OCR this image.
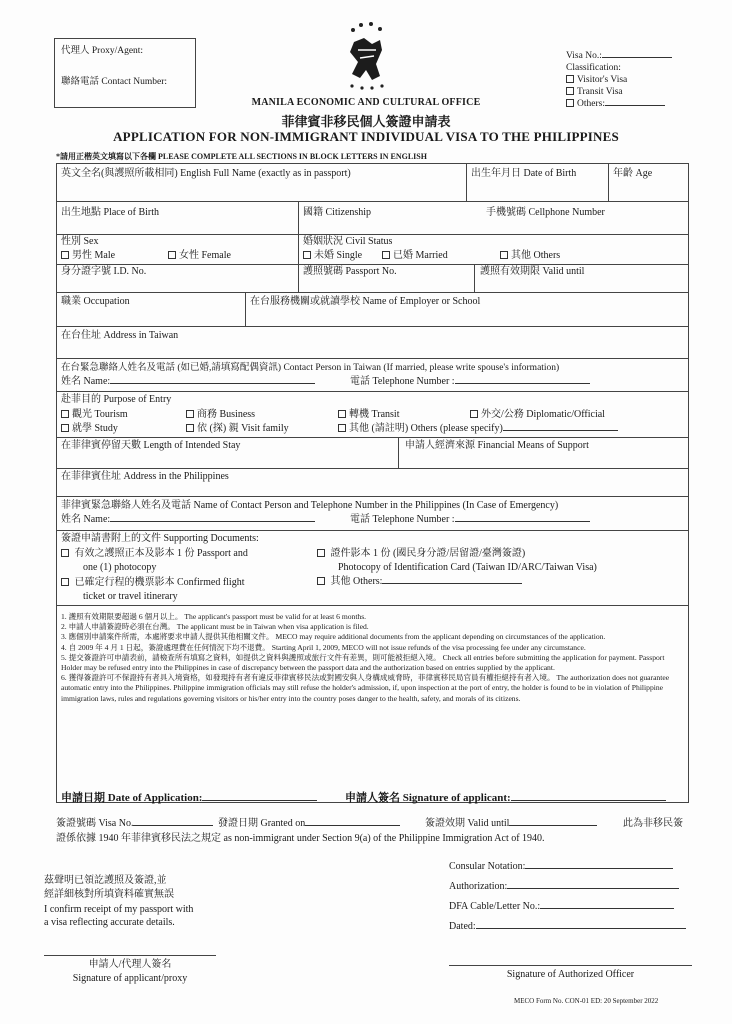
代理人 Proxy/Agent:
聯絡電話 Contact Number:
Visa No.:
Classification:
Visitor's Visa
Transit Visa
Others:
MANILA ECONOMIC AND CULTURAL OFFICE
菲律賓非移民個人簽證申請表
APPLICATION FOR NON-IMMIGRANT INDIVIDUAL VISA TO THE PHILIPPINES
*請用正楷英文填寫以下各欄 PLEASE COMPLETE ALL SECTIONS IN BLOCK LETTERS IN ENGLISH
英文全名(與護照所載相同) English Full Name (exactly as in passport)	出生年月日 Date of Birth	年齡 Age
出生地點 Place of Birth	國籍 Citizenship	手機號碼 Cellphone Number
性別 Sex
男性 Male	女性 Female
婚姻狀況 Civil Status
未婚 Single	已婚 Married	其他 Others
身分證字號 I.D. No.	護照號碼 Passport No.	護照有效期限 Valid until
職業 Occupation	在台服務機關或就讀學校 Name of Employer or School
在台住址 Address in Taiwan
在台緊急聯絡人姓名及電話 (如已婚,請填寫配偶資訊) Contact Person in Taiwan (If married, please write spouse's information)
姓名 Name:	電話 Telephone Number :
赴菲目的 Purpose of Entry
觀光 Tourism	商務 Business	轉機 Transit	外交/公務 Diplomatic/Official
就學 Study	依 (探) 親 Visit family	其他 (請註明) Others (please specify)
在菲律賓停留天數 Length of Intended Stay	申請人經濟來源 Financial Means of Support
在菲律賓住址 Address in the Philippines
菲律賓緊急聯絡人姓名及電話 Name of Contact Person and Telephone Number in the Philippines (In Case of Emergency)
姓名 Name:	電話 Telephone Number :
簽證申請書附上的文件 Supporting Documents:
有效之護照正本及影本 1 份 Passport and
one (1) photocopy
已確定行程的機票影本 Confirmed flight
ticket or travel itinerary
證件影本 1 份 (國民身分證/居留證/臺灣簽證)
Photocopy of Identification Card (Taiwan ID/ARC/Taiwan Visa)
其他 Others:

1. 護照有效期限要超過 6 個月以上。 The applicant's passport must be valid for at least 6 months.

2. 申請人申請簽證時必須在台灣。 The applicant must be in Taiwan when visa application is filed.

3. 應個別申請案件所需，本處將要求申請人提供其他相關文件。 MECO may require additional documents from the applicant depending on circumstances of the application.

4. 自 2009 年 4 月 1 日起，簽證處理費在任何情況下均不退費。 Starting April 1, 2009, MECO will not issue refunds of the visa processing fee under any circumstance.

5. 提交簽證許可申請表前，請檢查所有填寫之資料，如提供之資料與護照或旅行文件有差異，則可能被拒絕入境。 Check all entries before submitting the application for payment. Passport Holder may be refused entry into the Philippines in case of discrepancy between the passport data and the authorization based on entries supplied by the applicant.

6. 獲得簽證許可不保證持有者具入境資格，如發現持有者有違反菲律賓移民法或對國安與人身構成威脅時，菲律賓移民局官員有權拒絕持有者入境。 The authorization does not guarantee automatic entry into the Philippines. Philippine immigration officials may still refuse the holder's admission, if, upon inspection at the port of entry, the holder is found to be in violation of Philippine immigration laws, rules and regulations governing visitors or his/her entry into the country poses danger to the health, safety, and morals of its citizens.

申請日期 Date of Application:	申請人簽名 Signature of applicant:
簽證號碼 Visa No.	發證日期 Granted on	簽證效期 Valid until	此為非移民簽
證係依據 1940 年菲律賓移民法之規定 as non-immigrant under Section 9(a) of the Philippine Immigration Act of 1940.
茲聲明已領訖護照及簽證,並
經詳細核對所填資料確實無誤
I confirm receipt of my passport with
a visa reflecting accurate details.
Consular Notation:
Authorization:
DFA Cable/Letter No.:
Dated:
申請人/代理人簽名
Signature of applicant/proxy	Signature of Authorized Officer
MECO Form No. CON-01 ED: 20 September 2022
